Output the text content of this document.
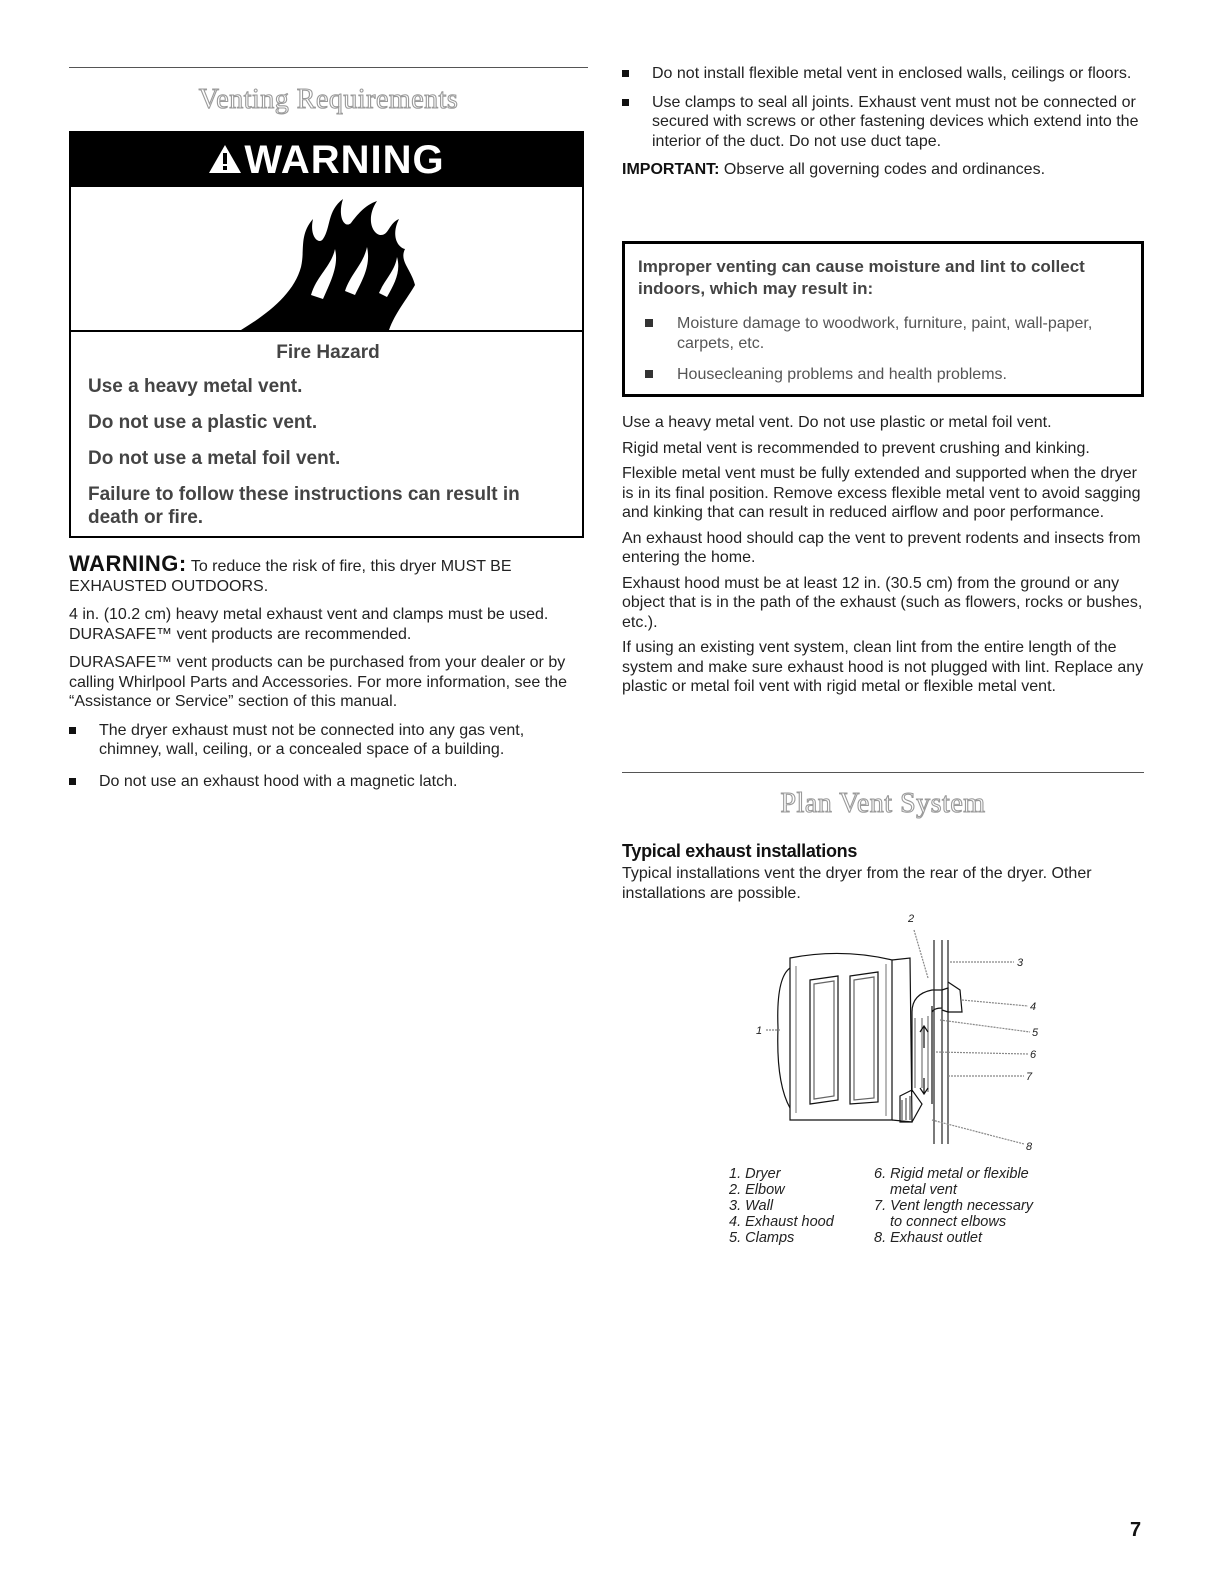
Venting Requirements
WARNING

Fire Hazard

Use a heavy metal vent.

Do not use a plastic vent.

Do not use a metal foil vent.

Failure to follow these instructions can result in death or fire.

WARNING: To reduce the risk of fire, this dryer MUST BE EXHAUSTED OUTDOORS.

4 in. (10.2 cm) heavy metal exhaust vent and clamps must be used. DURASAFE™ vent products are recommended.

DURASAFE™ vent products can be purchased from your dealer or by calling Whirlpool Parts and Accessories. For more information, see the “Assistance or Service” section of this manual.

The dryer exhaust must not be connected into any gas vent, chimney, wall, ceiling, or a concealed space of a building.

Do not use an exhaust hood with a magnetic latch.

Do not install flexible metal vent in enclosed walls, ceilings or floors.

Use clamps to seal all joints. Exhaust vent must not be connected or secured with screws or other fastening devices which extend into the interior of the duct. Do not use duct tape.

IMPORTANT: Observe all governing codes and ordinances.

Improper venting can cause moisture and lint to collect indoors, which may result in:

Moisture damage to woodwork, furniture, paint, wall-paper, carpets, etc.

Housecleaning problems and health problems.

Use a heavy metal vent. Do not use plastic or metal foil vent.

Rigid metal vent is recommended to prevent crushing and kinking.

Flexible metal vent must be fully extended and supported when the dryer is in its final position. Remove excess flexible metal vent to avoid sagging and kinking that can result in reduced airflow and poor performance.

An exhaust hood should cap the vent to prevent rodents and insects from entering the home.

Exhaust hood must be at least 12 in. (30.5 cm) from the ground or any object that is in the path of the exhaust (such as flowers, rocks or bushes, etc.).

If using an existing vent system, clean lint from the entire length of the system and make sure exhaust hood is not plugged with lint. Replace any plastic or metal foil vent with rigid metal or flexible metal vent.

Plan Vent System

Typical exhaust installations

Typical installations vent the dryer from the rear of the dryer. Other installations are possible.

1
2
3
4
5
6
7
8
1. Dryer
2. Elbow
3. Wall
4. Exhaust hood
5. Clamps
6. Rigid metal or flexible
metal vent
7. Vent length necessary
to connect elbows
8. Exhaust outlet
7
